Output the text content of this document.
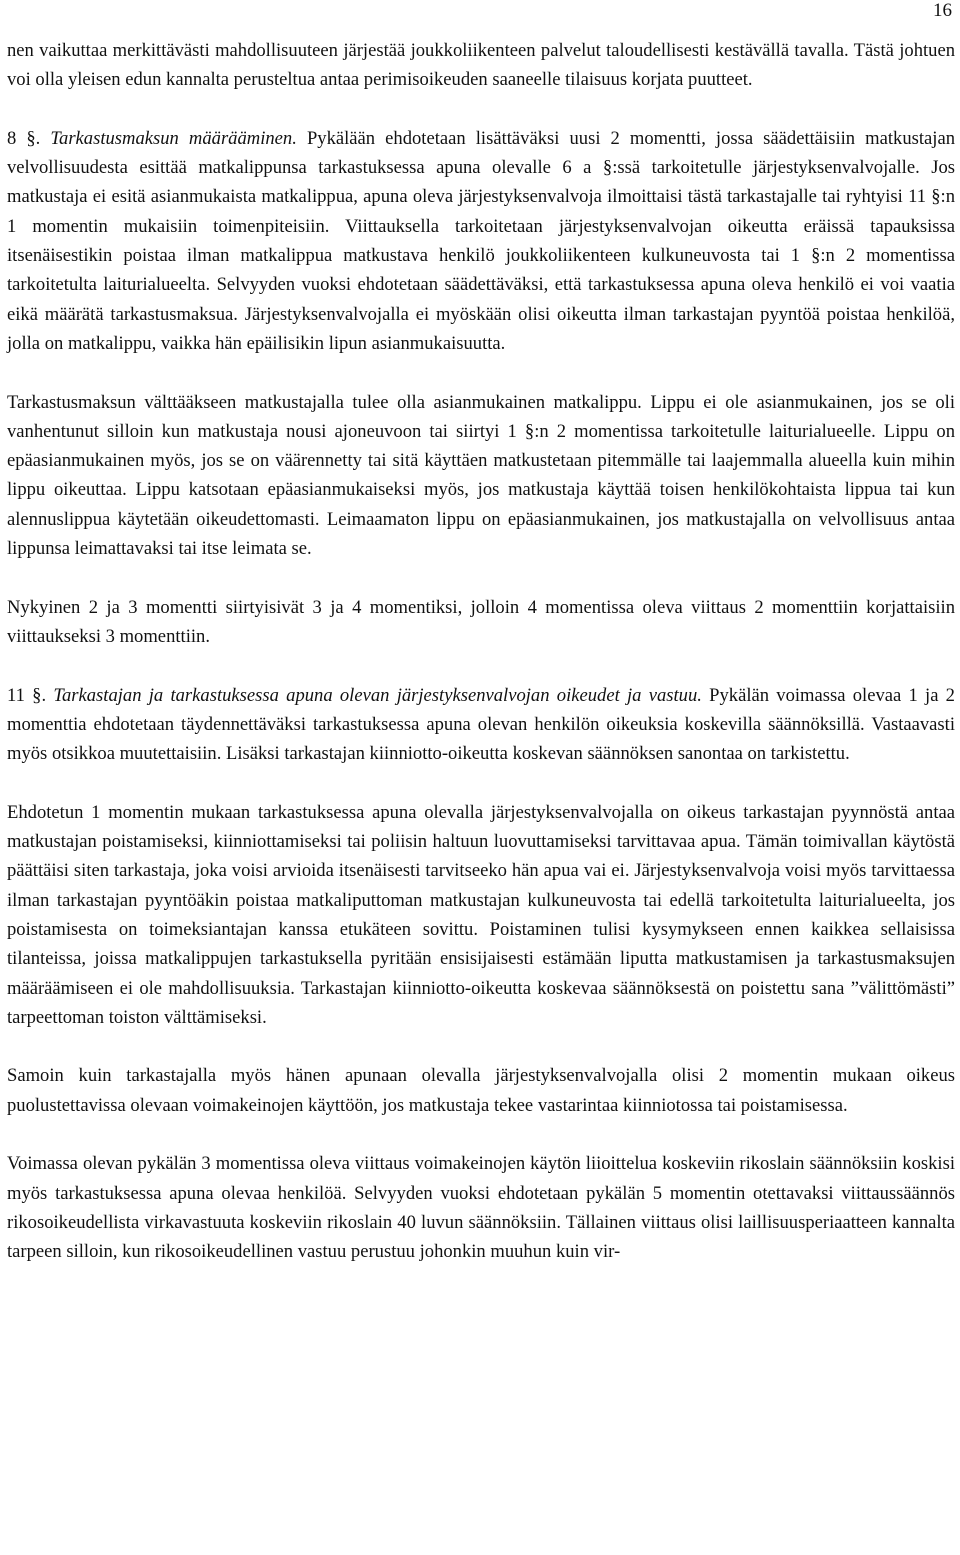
16

nen vaikuttaa merkittävästi mahdollisuuteen järjestää joukkoliikenteen palvelut taloudellisesti kestävällä tavalla. Tästä johtuen voi olla yleisen edun kannalta perusteltua antaa perimisoikeuden saaneelle tilaisuus korjata puutteet.

8 §. Tarkastusmaksun määrääminen. Pykälään ehdotetaan lisättäväksi uusi 2 momentti, jossa säädettäisiin matkustajan velvollisuudesta esittää matkalippunsa tarkastuksessa apuna olevalle 6 a §:ssä tarkoitetulle järjestyksenvalvojalle. Jos matkustaja ei esitä asianmukaista matkalippua, apuna oleva järjestyksenvalvoja ilmoittaisi tästä tarkastajalle tai ryhtyisi 11 §:n 1 momentin mukaisiin toimenpiteisiin. Viittauksella tarkoitetaan järjestyksenvalvojan oikeutta eräissä tapauksissa itsenäisestikin poistaa ilman matkalippua matkustava henkilö joukkoliikenteen kulkuneuvosta tai 1 §:n 2 momentissa tarkoitetulta laiturialueelta. Selvyyden vuoksi ehdotetaan säädettäväksi, että tarkastuksessa apuna oleva henkilö ei voi vaatia eikä määrätä tarkastusmaksua. Järjestyksenvalvojalla ei myöskään olisi oikeutta ilman tarkastajan pyyntöä poistaa henkilöä, jolla on matkalippu, vaikka hän epäilisikin lipun asianmukaisuutta.

Tarkastusmaksun välttääkseen matkustajalla tulee olla asianmukainen matkalippu. Lippu ei ole asianmukainen, jos se oli vanhentunut silloin kun matkustaja nousi ajoneuvoon tai siirtyi 1 §:n 2 momentissa tarkoitetulle laiturialueelle. Lippu on epäasianmukainen myös, jos se on väärennetty tai sitä käyttäen matkustetaan pitemmälle tai laajemmalla alueella kuin mihin lippu oikeuttaa. Lippu katsotaan epäasianmukaiseksi myös, jos matkustaja käyttää toisen henkilökohtaista lippua tai kun alennuslippua käytetään oikeudettomasti. Leimaamaton lippu on epäasianmukainen, jos matkustajalla on velvollisuus antaa lippunsa leimattavaksi tai itse leimata se.

Nykyinen 2 ja 3 momentti siirtyisivät 3 ja 4 momentiksi, jolloin 4 momentissa oleva viittaus 2 momenttiin korjattaisiin viittaukseksi 3 momenttiin.

11 §. Tarkastajan ja tarkastuksessa apuna olevan järjestyksenvalvojan oikeudet ja vastuu. Pykälän voimassa olevaa 1 ja 2 momenttia ehdotetaan täydennettäväksi tarkastuksessa apuna olevan henkilön oikeuksia koskevilla säännöksillä. Vastaavasti myös otsikkoa muutettaisiin. Lisäksi tarkastajan kiinniotto-oikeutta koskevan säännöksen sanontaa on tarkistettu.

Ehdotetun 1 momentin mukaan tarkastuksessa apuna olevalla järjestyksenvalvojalla on oikeus tarkastajan pyynnöstä antaa matkustajan poistamiseksi, kiinniottamiseksi tai poliisin haltuun luovuttamiseksi tarvittavaa apua. Tämän toimivallan käytöstä päättäisi siten tarkastaja, joka voisi arvioida itsenäisesti tarvitseeko hän apua vai ei. Järjestyksenvalvoja voisi myös tarvittaessa ilman tarkastajan pyyntöäkin poistaa matkaliputtoman matkustajan kulkuneuvosta tai edellä tarkoitetulta laiturialueelta, jos poistamisesta on toimeksiantajan kanssa etukäteen sovittu. Poistaminen tulisi kysymykseen ennen kaikkea sellaisissa tilanteissa, joissa matkalippujen tarkastuksella pyritään ensisijaisesti estämään liputta matkustamisen ja tarkastusmaksujen määräämiseen ei ole mahdollisuuksia. Tarkastajan kiinniotto-oikeutta koskevaa säännöksestä on poistettu sana ”välittömästi” tarpeettoman toiston välttämiseksi.

Samoin kuin tarkastajalla myös hänen apunaan olevalla järjestyksenvalvojalla olisi 2 momentin mukaan oikeus puolustettavissa olevaan voimakeinojen käyttöön, jos matkustaja tekee vastarintaa kiinniotossa tai poistamisessa.

Voimassa olevan pykälän 3 momentissa oleva viittaus voimakeinojen käytön liioittelua koskeviin rikoslain säännöksiin koskisi myös tarkastuksessa apuna olevaa henkilöä. Selvyyden vuoksi ehdotetaan pykälän 5 momentin otettavaksi viittaussäännös rikosoikeudellista virkavastuuta koskeviin rikoslain 40 luvun säännöksiin. Tällainen viittaus olisi laillisuusperiaatteen kannalta tarpeen silloin, kun rikosoikeudellinen vastuu perustuu johonkin muuhun kuin vir-
